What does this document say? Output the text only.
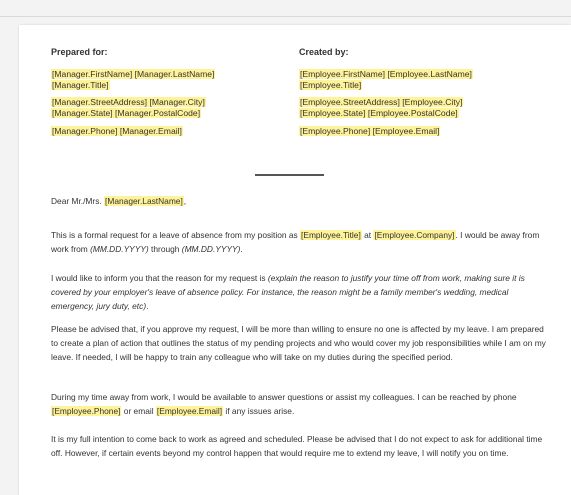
Prepared for:
[Manager.FirstName] [Manager.LastName]
[Manager.Title]
[Manager.StreetAddress] [Manager.City]
[Manager.State] [Manager.PostalCode]
[Manager.Phone] [Manager.Email]
Created by:
[Employee.FirstName] [Employee.LastName]
[Employee.Title]
[Employee.StreetAddress] [Employee.City]
[Employee.State] [Employee.PostalCode]
[Employee.Phone] [Employee.Email]
Dear Mr./Mrs. [Manager.LastName],
This is a formal request for a leave of absence from my position as [Employee.Title] at [Employee.Company]. I would be away from work from (MM.DD.YYYY) through (MM.DD.YYYY).
I would like to inform you that the reason for my request is (explain the reason to justify your time off from work, making sure it is covered by your employer's leave of absence policy. For instance, the reason might be a family member's wedding, medical emergency, jury duty, etc).
Please be advised that, if you approve my request, I will be more than willing to ensure no one is affected by my leave. I am prepared to create a plan of action that outlines the status of my pending projects and who would cover my job responsibilities while I am on my leave. If needed, I will be happy to train any colleague who will take on my duties during the specified period.
During my time away from work, I would be available to answer questions or assist my colleagues. I can be reached by phone [Employee.Phone] or email [Employee.Email] if any issues arise.
It is my full intention to come back to work as agreed and scheduled. Please be advised that I do not expect to ask for additional time off. However, if certain events beyond my control happen that would require me to extend my leave, I will notify you on time.
